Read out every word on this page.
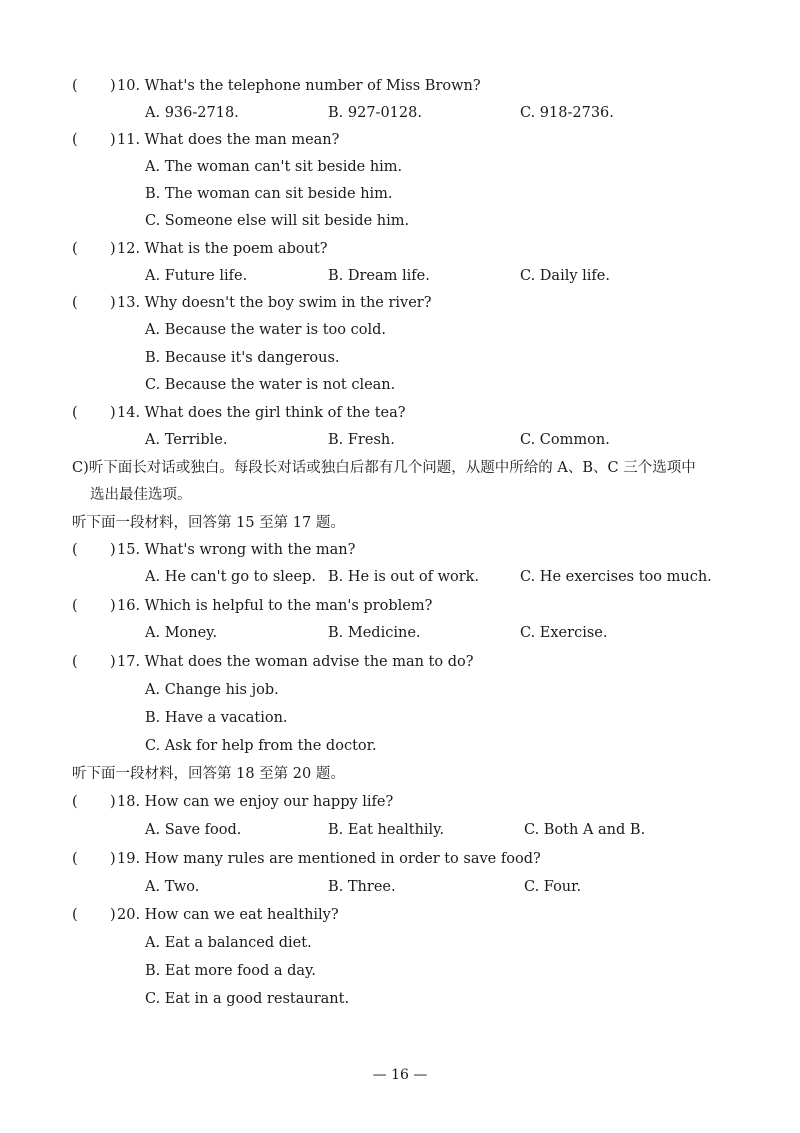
( ) 10. What's the telephone number of Miss Brown?
A. 936-2718.	B. 927-0128.	C. 918-2736.
( ) 11. What does the man mean?
A. The woman can't sit beside him.
B. The woman can sit beside him.
C. Someone else will sit beside him.
( ) 12. What is the poem about?
A. Future life.	B. Dream life.	C. Daily life.
( ) 13. Why doesn't the boy swim in the river?
A. Because the water is too cold.
B. Because it's dangerous.
C. Because the water is not clean.
( ) 14. What does the girl think of the tea?
A. Terrible.	B. Fresh.	C. Common.
C)听下面长对话或独白。每段长对话或独白后都有几个问题，从题中所给的 A、B、C 三个选项中
选出最佳选项。
听下面一段材料，回答第 15 至第 17 题。
( ) 15. What's wrong with the man?
A. He can't go to sleep. B. He is out of work.	C. He exercises too much.
( ) 16. Which is helpful to the man's problem?
A. Money.	B. Medicine.	C. Exercise.
( ) 17. What does the woman advise the man to do?
A. Change his job.
B. Have a vacation.
C. Ask for help from the doctor.
听下面一段材料，回答第 18 至第 20 题。
( ) 18. How can we enjoy our happy life?
A. Save food.	B. Eat healthily.	C. Both A and B.
( ) 19. How many rules are mentioned in order to save food?
A. Two.	B. Three.	C. Four.
( ) 20. How can we eat healthily?
A. Eat a balanced diet.
B. Eat more food a day.
C. Eat in a good restaurant.
— 16 —
